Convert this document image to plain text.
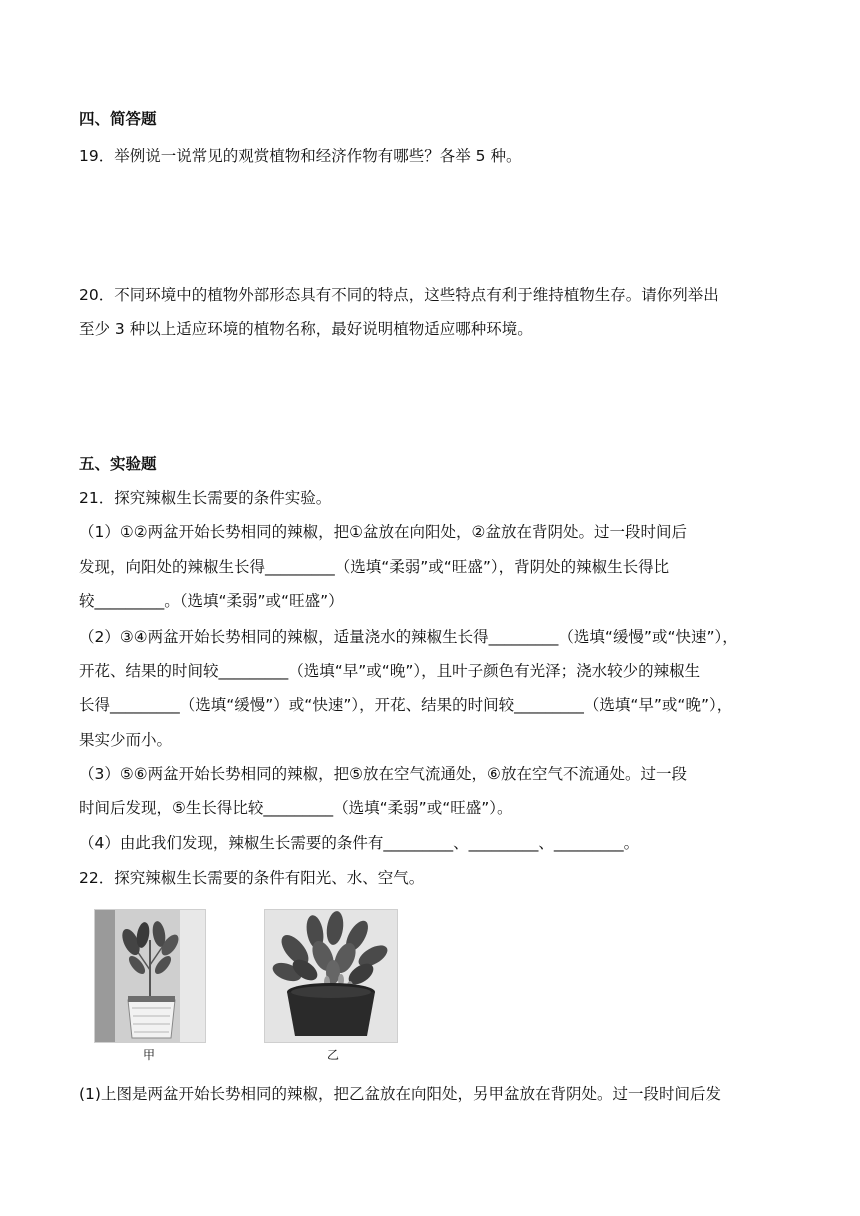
四、简答题
19．举例说一说常见的观赏植物和经济作物有哪些？各举 5 种。
20．不同环境中的植物外部形态具有不同的特点，这些特点有利于维持植物生存。请你列举出
至少 3 种以上适应环境的植物名称，最好说明植物适应哪种环境。
五、实验题
21．探究辣椒生长需要的条件实验。
（1）①②两盆开始长势相同的辣椒，把①盆放在向阳处，②盆放在背阴处。过一段时间后
发现，向阳处的辣椒生长得_________（选填“柔弱”或“旺盛”），背阴处的辣椒生长得比
较_________。（选填“柔弱”或“旺盛”）
（2）③④两盆开始长势相同的辣椒，适量浇水的辣椒生长得_________（选填“缓慢”或“快速”），
开花、结果的时间较_________（选填“早”或“晚”），且叶子颜色有光泽；浇水较少的辣椒生
长得_________（选填“缓慢”）或“快速”），开花、结果的时间较_________（选填“早”或“晚”），
果实少而小。
（3）⑤⑥两盆开始长势相同的辣椒，把⑤放在空气流通处，⑥放在空气不流通处。过一段
时间后发现，⑤生长得比较_________（选填“柔弱”或“旺盛”）。
（4）由此我们发现，辣椒生长需要的条件有_________、_________、_________。
22．探究辣椒生长需要的条件有阳光、水、空气。
甲	乙
(1)上图是两盆开始长势相同的辣椒，把乙盆放在向阳处，另甲盆放在背阴处。过一段时间后发
